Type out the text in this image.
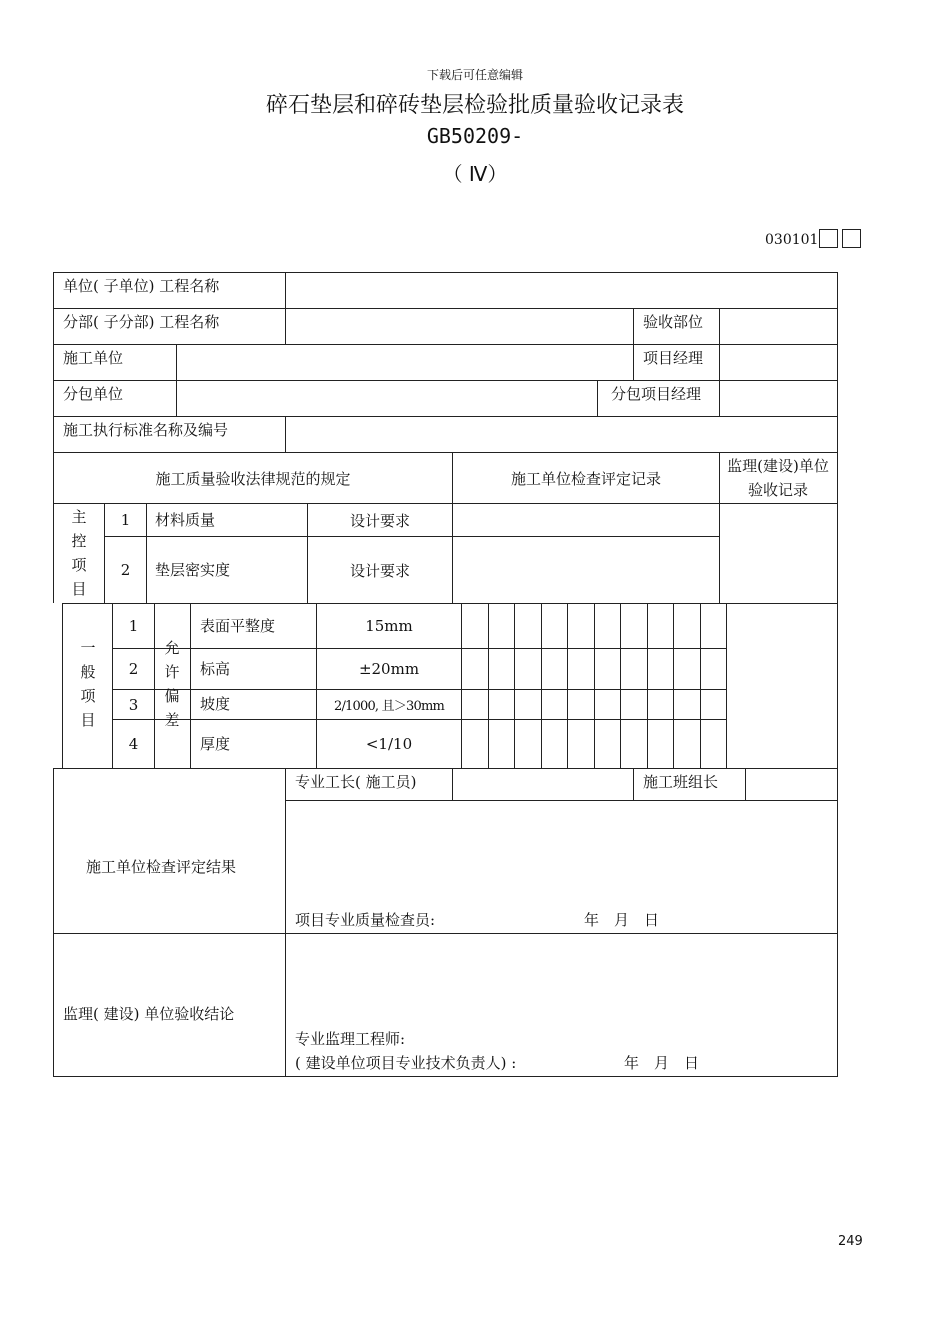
下载后可任意编辑
碎石垫层和碎砖垫层检验批质量验收记录表
GB50209-
（ Ⅳ）
030101
单位( 子单位) 工程名称
分部( 子分部) 工程名称	验收部位
施工单位	项目经理
分包单位	分包项目经理
施工执行标准名称及编号
施工质量验收法律规范的规定	施工单位检查评定记录
监理(建设)单位验收记录
主控项目
1	材料质量	设计要求
2	垫层密实度	设计要求
一般项目
允许偏差
1	表面平整度	15mm
2	标高	±20mm
3	坡度	2/1000, 且＞30mm
4	厚度	<1/10
专业工长( 施工员)	施工班组长
施工单位检查评定结果
项目专业质量检查员:	年　月　日
监理( 建设) 单位验收结论
专业监理工程师:
( 建设单位项目专业技术负责人) :	年　月　日
249
